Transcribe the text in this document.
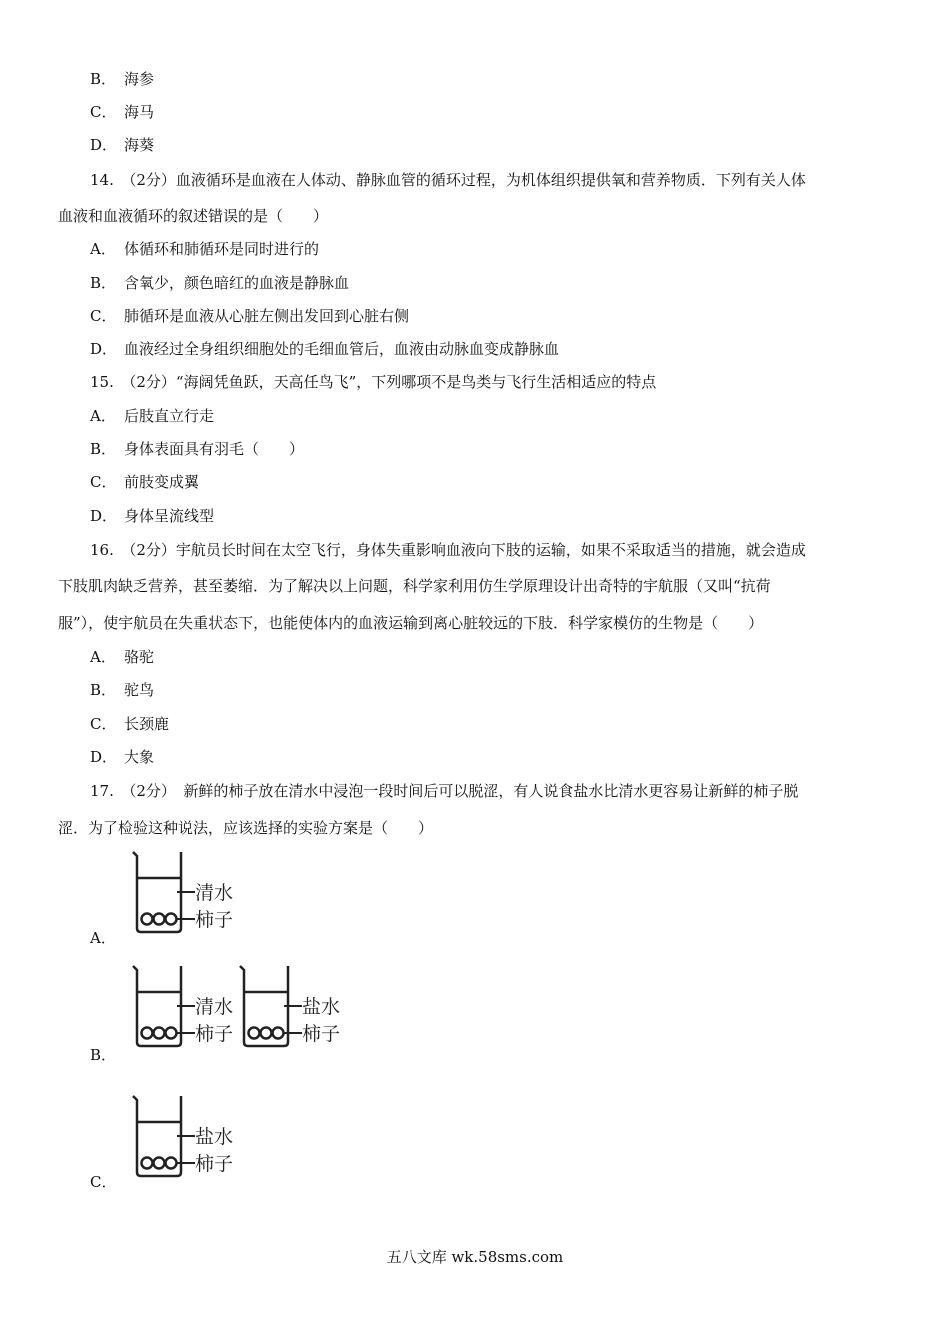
B． 海参
C． 海马
D． 海葵
14.　（2分）血液循环是血液在人体动、静脉血管的循环过程，为机体组织提供氧和营养物质．下列有关人体
血液和血液循环的叙述错误的是（　　）
A． 体循环和肺循环是同时进行的
B． 含氧少，颜色暗红的血液是静脉血
C． 肺循环是血液从心脏左侧出发回到心脏右侧
D． 血液经过全身组织细胞处的毛细血管后，血液由动脉血变成静脉血
15.　（2分）“海阔凭鱼跃，天高任鸟飞”，下列哪项不是鸟类与飞行生活相适应的特点
A． 后肢直立行走
B． 身体表面具有羽毛（　　）
C． 前肢变成翼
D． 身体呈流线型
16.　（2分）宇航员长时间在太空飞行，身体失重影响血液向下肢的运输，如果不采取适当的措施，就会造成
下肢肌肉缺乏营养，甚至萎缩．为了解决以上问题，科学家利用仿生学原理设计出奇特的宇航服（又叫“抗荷
服”），使宇航员在失重状态下，也能使体内的血液运输到离心脏较远的下肢．科学家模仿的生物是（　　）
A． 骆驼
B． 驼鸟
C． 长颈鹿
D． 大象
17.　（2分）　新鲜的柿子放在清水中浸泡一段时间后可以脱涩，有人说食盐水比清水更容易让新鲜的柿子脱
涩．为了检验这种说法，应该选择的实验方案是（　　）
A．
清水
柿子
B．
清水
柿子
盐水
柿子
C．
盐水
柿子
五八文库 wk.58sms.com
